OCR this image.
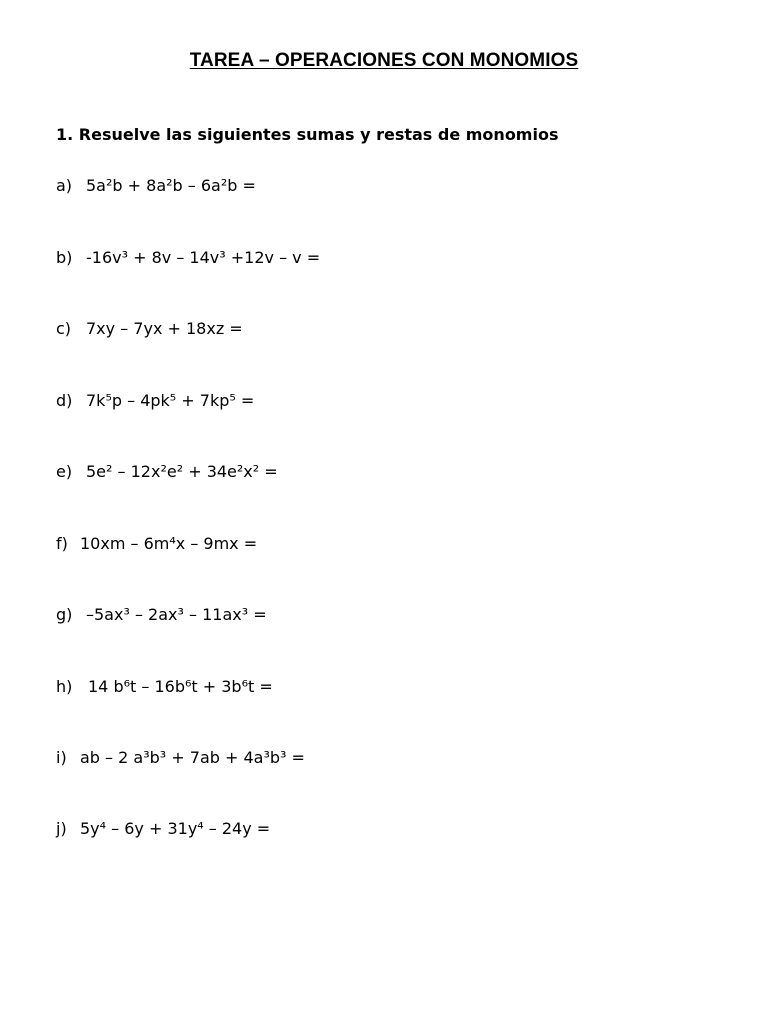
TAREA – OPERACIONES CON MONOMIOS
1. Resuelve las siguientes sumas y restas de monomios
a) 5a²b + 8a²b – 6a²b =
b) -16v³ + 8v – 14v³ +12v – v =
c) 7xy – 7yx + 18xz =
d) 7k⁵p – 4pk⁵ + 7kp⁵ =
e) 5e² – 12x²e² + 34e²x² =
f) 10xm – 6m⁴x – 9mx =
g) –5ax³ – 2ax³ – 11ax³ =
h) 14 b⁶t – 16b⁶t + 3b⁶t =
i) ab – 2 a³b³ + 7ab + 4a³b³ =
j) 5y⁴ – 6y + 31y⁴ – 24y =
